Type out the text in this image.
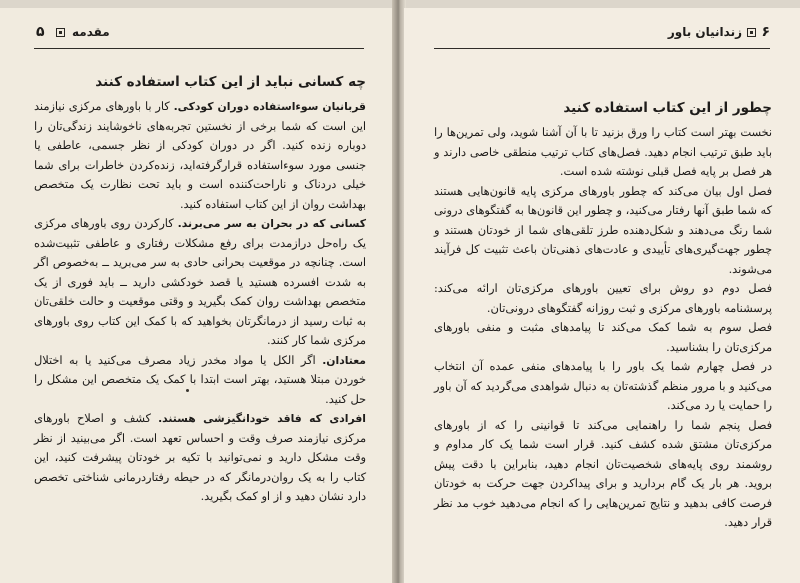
۵ مقدمه
چه کسانی نباید از این کتاب استفاده کنند

قربانیان سوءاستفاده دوران کودکی. کار با باورهای مرکزی نیازمند این است که شما برخی از نخستین تجربه‌های ناخوشایند زندگی‌تان را دوباره زنده کنید. اگر در دوران کودکی از نظر جسمی، عاطفی یا جنسی مورد سوءاستفاده قرارگرفته‌اید، زنده‌کردن خاطرات برای شما خیلی دردناک و ناراحت‌کننده است و باید تحت نظارت یک متخصص بهداشت روان از این کتاب استفاده کنید.

کسانی که در بحران به سر می‌برند. کارکردن روی باورهای مرکزی یک راه‌حل درازمدت برای رفع مشکلات رفتاری و عاطفی تثبیت‌شده است. چنانچه در موقعیت بحرانی حادی به سر می‌برید ــ به‌خصوص اگر به شدت افسرده هستید یا قصد خودکشی دارید ــ باید فوری از یک متخصص بهداشت روان کمک بگیرید و وقتی موقعیت و حالت خلقی‌تان به ثبات رسید از درمانگرتان بخواهید که با کمک این کتاب روی باورهای مرکزی شما کار کنند.

معتادان. اگر الکل یا مواد مخدر زیاد مصرف می‌کنید یا به اختلال خوردن مبتلا هستید، بهتر است ابتدا با کمک یک متخصص این مشکل را حل کنید.

افرادی که فاقد خودانگیزشی هستند. کشف و اصلاح باورهای مرکزی نیازمند صرف وقت و احساس تعهد است. اگر می‌بینید از نظر وقت مشکل دارید و نمی‌توانید با تکیه بر خودتان پیشرفت کنید، این کتاب را به یک روان‌درمانگر که در حیطه رفتاردرمانی شناختی تخصص دارد نشان دهید و از او کمک بگیرید.

۶
زندانیان باور
چطور از این کتاب استفاده کنید

نخست بهتر است کتاب را ورق بزنید تا با آن آشنا شوید، ولی تمرین‌ها را باید طبق ترتیب انجام دهید. فصل‌های کتاب ترتیب منطقی خاصی دارند و هر فصل بر پایه فصل قبلی نوشته شده است.

فصل اول بیان می‌کند که چطور باورهای مرکزی پایه قانون‌هایی هستند که شما طبق آنها رفتار می‌کنید، و چطور این قانون‌ها به گفتگوهای درونی شما رنگ می‌دهند و شکل‌دهنده طرز تلقی‌های شما از خودتان هستند و چطور جهت‌گیری‌های تأییدی و عادت‌های ذهنی‌تان باعث تثبیت کل فرآیند می‌شوند.

فصل دوم دو روش برای تعیین باورهای مرکزی‌تان ارائه می‌کند: پرسشنامه باورهای مرکزی و ثبت روزانه گفتگوهای درونی‌تان.

فصل سوم به شما کمک می‌کند تا پیامدهای مثبت و منفی باورهای مرکزی‌تان را بشناسید.

در فصل چهارم شما یک باور را با پیامدهای منفی عمده آن انتخاب می‌کنید و با مرور منظم گذشته‌تان به دنبال شواهدی می‌گردید که آن باور را حمایت یا رد می‌کند.

فصل پنجم شما را راهنمایی می‌کند تا قوانینی را که از باورهای مرکزی‌تان مشتق شده کشف کنید. قرار است شما یک کار مداوم و روشمند روی پایه‌های شخصیت‌تان انجام دهید، بنابراین با دقت پیش بروید. هر بار یک گام بردارید و برای پیداکردن جهت حرکت به خودتان فرصت کافی بدهید و نتایج تمرین‌هایی را که انجام می‌دهید خوب مد نظر قرار دهید.
